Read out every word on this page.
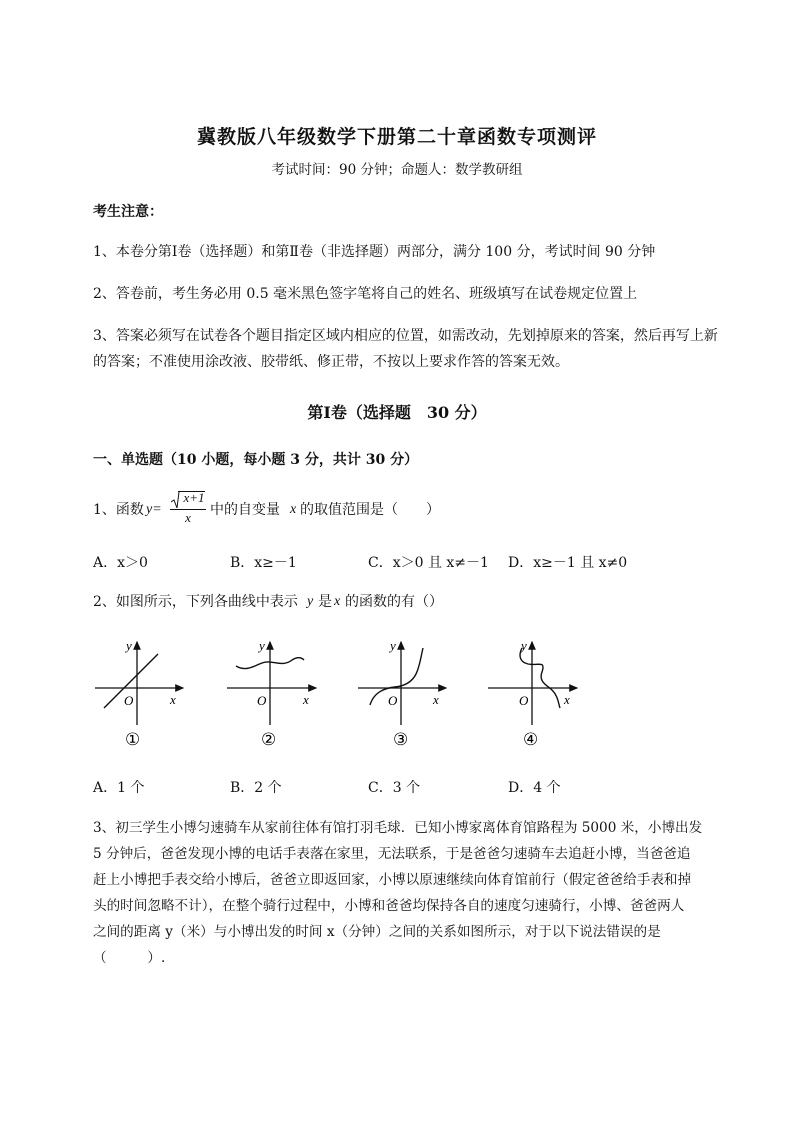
冀教版八年级数学下册第二十章函数专项测评
考试时间：90 分钟；命题人：数学教研组
考生注意：
1、本卷分第Ⅰ卷（选择题）和第Ⅱ卷（非选择题）两部分，满分 100 分，考试时间 90 分钟
2、答卷前，考生务必用 0.5 毫米黑色签字笔将自己的姓名、班级填写在试卷规定位置上
3、答案必须写在试卷各个题目指定区域内相应的位置，如需改动，先划掉原来的答案，然后再写上新
的答案；不准使用涂改液、胶带纸、修正带，不按以上要求作答的答案无效。
第Ⅰ卷（选择题　30 分）
一、单选题（10 小题，每小题 3 分，共计 30 分）
1、函数 y=
x+1
x	中的自变量 x 的取值范围是（　　）
A．x＞0	B．x≥－1	C．x＞0 且 x≠－1 D．x≥－1 且 x≠0
2、如图所示，下列各曲线中表示 y 是 x 的函数的有（）
y
x
O
①
y
x
O
②
y
x
O
③
y
x
O
④
A．1 个	B．2 个	C．3 个	D．4 个
3、初三学生小博匀速骑车从家前往体有馆打羽毛球．已知小博家离体育馆路程为 5000 米，小博出发
5 分钟后，爸爸发现小博的电话手表落在家里，无法联系，于是爸爸匀速骑车去追赶小博，当爸爸追
赶上小博把手表交给小博后，爸爸立即返回家，小博以原速继续向体育馆前行（假定爸爸给手表和掉
头的时间忽略不计），在整个骑行过程中，小博和爸爸均保持各自的速度匀速骑行，小博、爸爸两人
之间的距离 y（米）与小博出发的时间 x（分钟）之间的关系如图所示，对于以下说法错误的是
（　　　）.
